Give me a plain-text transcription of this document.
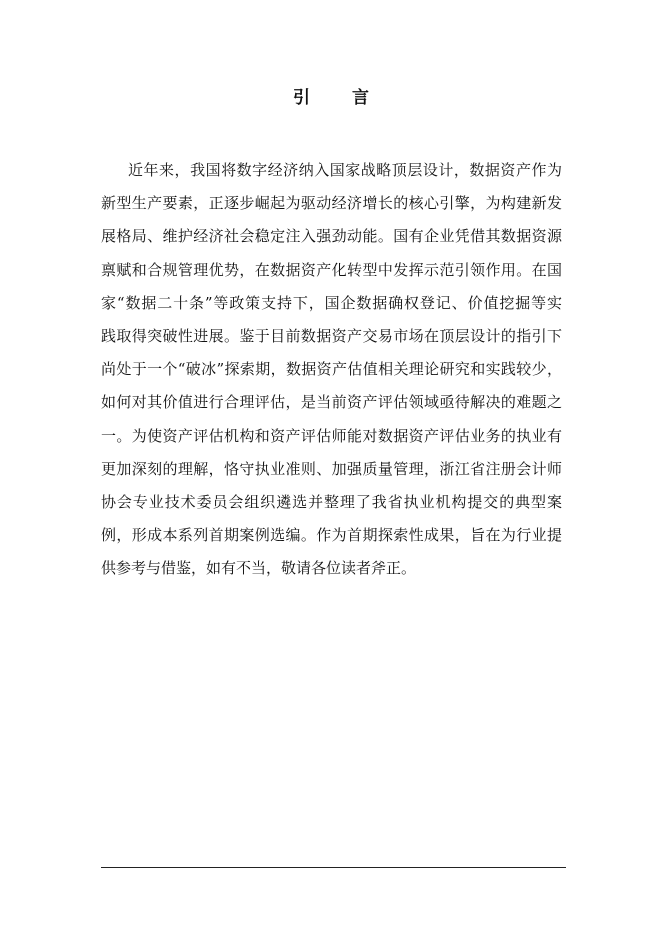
引 言
近年来，我国将数字经济纳入国家战略顶层设计，数据资产作为
新型生产要素，正逐步崛起为驱动经济增长的核心引擎，为构建新发
展格局、维护经济社会稳定注入强劲动能。国有企业凭借其数据资源
禀赋和合规管理优势，在数据资产化转型中发挥示范引领作用。在国
家“数据二十条”等政策支持下，国企数据确权登记、价值挖掘等实
践取得突破性进展。鉴于目前数据资产交易市场在顶层设计的指引下
尚处于一个“破冰”探索期，数据资产估值相关理论研究和实践较少，
如何对其价值进行合理评估，是当前资产评估领域亟待解决的难题之
一。为使资产评估机构和资产评估师能对数据资产评估业务的执业有
更加深刻的理解，恪守执业准则、加强质量管理，浙江省注册会计师
协会专业技术委员会组织遴选并整理了我省执业机构提交的典型案
例，形成本系列首期案例选编。作为首期探索性成果，旨在为行业提
供参考与借鉴，如有不当，敬请各位读者斧正。
